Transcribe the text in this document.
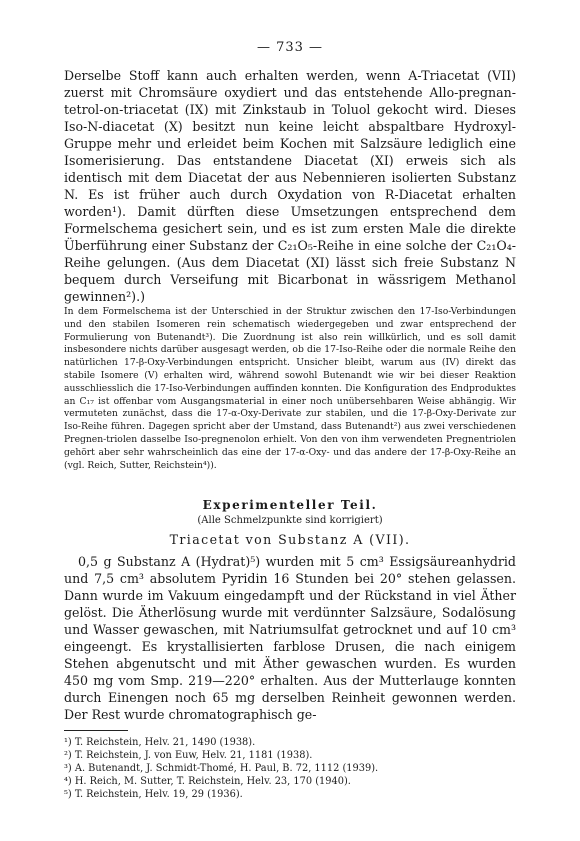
— 733 —
Derselbe Stoff kann auch erhalten werden, wenn A-Triacetat (VII) zuerst mit Chromsäure oxydiert und das entstehende Allo-pregnan-tetrol-on-triacetat (IX) mit Zinkstaub in Toluol gekocht wird. Dieses Iso-N-diacetat (X) besitzt nun keine leicht abspaltbare Hydroxyl-Gruppe mehr und erleidet beim Kochen mit Salzsäure lediglich eine Isomerisierung. Das entstandene Diacetat (XI) erweis sich als identisch mit dem Diacetat der aus Nebennieren isolierten Substanz N. Es ist früher auch durch Oxydation von R-Diacetat erhalten worden¹). Damit dürften diese Umsetzungen entsprechend dem Formelschema gesichert sein, und es ist zum ersten Male die direkte Überführung einer Substanz der C₂₁O₅-Reihe in eine solche der C₂₁O₄-Reihe gelungen. (Aus dem Diacetat (XI) lässt sich freie Substanz N bequem durch Verseifung mit Bicarbonat in wässrigem Methanol gewinnen²).)
In dem Formelschema ist der Unterschied in der Struktur zwischen den 17-Iso-Verbindungen und den stabilen Isomeren rein schematisch wiedergegeben und zwar entsprechend der Formulierung von Butenandt³). Die Zuordnung ist also rein willkürlich, und es soll damit insbesondere nichts darüber ausgesagt werden, ob die 17-Iso-Reihe oder die normale Reihe den natürlichen 17-β-Oxy-Verbindungen entspricht. Unsicher bleibt, warum aus (IV) direkt das stabile Isomere (V) erhalten wird, während sowohl Butenandt wie wir bei dieser Reaktion ausschliesslich die 17-Iso-Verbindungen auffinden konnten. Die Konfiguration des Endproduktes an C₁₇ ist offenbar vom Ausgangsmaterial in einer noch unübersehbaren Weise abhängig. Wir vermuteten zunächst, dass die 17-α-Oxy-Derivate zur stabilen, und die 17-β-Oxy-Derivate zur Iso-Reihe führen. Dagegen spricht aber der Umstand, dass Butenandt²) aus zwei verschiedenen Pregnen-triolen dasselbe Iso-pregnenolon erhielt. Von den von ihm verwendeten Pregnentriolen gehört aber sehr wahrscheinlich das eine der 17-α-Oxy- und das andere der 17-β-Oxy-Reihe an (vgl. Reich, Sutter, Reichstein⁴)).
Experimenteller Teil.
(Alle Schmelzpunkte sind korrigiert)
Triacetat von Substanz A (VII).
0,5 g Substanz A (Hydrat)⁵) wurden mit 5 cm³ Essigsäureanhydrid und 7,5 cm³ absolutem Pyridin 16 Stunden bei 20° stehen gelassen. Dann wurde im Vakuum eingedampft und der Rückstand in viel Äther gelöst. Die Ätherlösung wurde mit verdünnter Salzsäure, Sodalösung und Wasser gewaschen, mit Natriumsulfat getrocknet und auf 10 cm³ eingeengt. Es krystallisierten farblose Drusen, die nach einigem Stehen abgenutscht und mit Äther gewaschen wurden. Es wurden 450 mg vom Smp. 219—220° erhalten. Aus der Mutterlauge konnten durch Einengen noch 65 mg derselben Reinheit gewonnen werden. Der Rest wurde chromatographisch ge-
¹) T. Reichstein, Helv. 21, 1490 (1938).
²) T. Reichstein, J. von Euw, Helv. 21, 1181 (1938).
³) A. Butenandt, J. Schmidt-Thomé, H. Paul, B. 72, 1112 (1939).
⁴) H. Reich, M. Sutter, T. Reichstein, Helv. 23, 170 (1940).
⁵) T. Reichstein, Helv. 19, 29 (1936).
